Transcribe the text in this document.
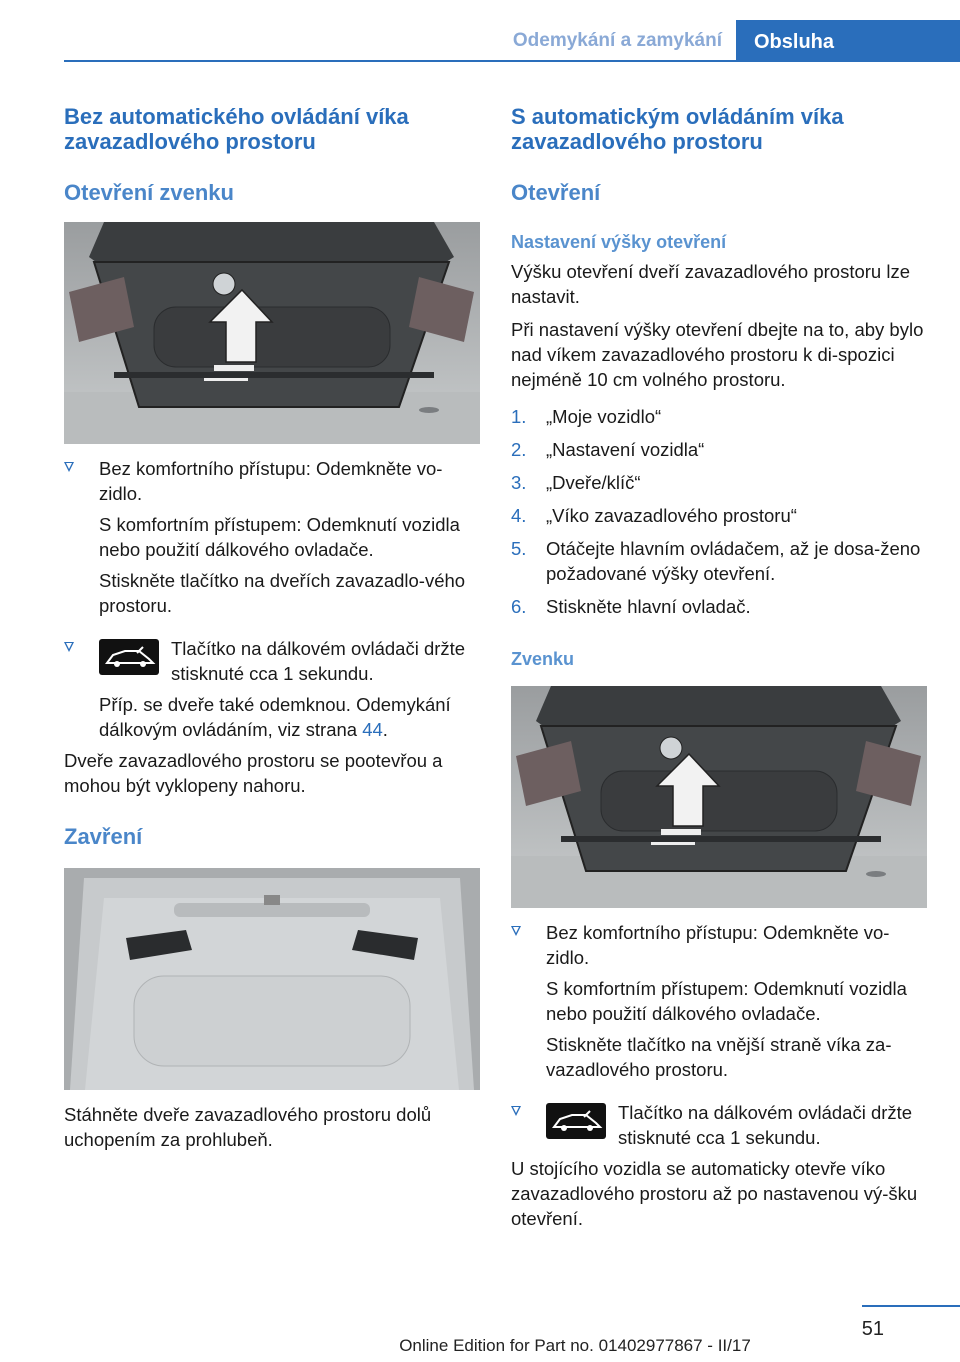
Odemykání a zamykání	Obsluha
Bez automatického ovládání víka zavazadlového prostoru
Otevření zvenku
Bez komfortního přístupu: Odemkněte vo- zidlo.
S komfortním přístupem: Odemknutí vozidla nebo použití dálkového ovladače.
Stiskněte tlačítko na dveřích zavazadlo-vého prostoru.
Tlačítko na dálkovém ovládači držte stisknuté cca 1 sekundu.
Příp. se dveře také odemknou. Odemykání dálkovým ovládáním, viz strana 44.

Dveře zavazadlového prostoru se pootevřou a mohou být vyklopeny nahoru.

Zavření

Stáhněte dveře zavazadlového prostoru dolů uchopením za prohlubeň.

S automatickým ovládáním víka zavazadlového prostoru
Otevření
Nastavení výšky otevření

Výšku otevření dveří zavazadlového prostoru lze nastavit.

Při nastavení výšky otevření dbejte na to, aby bylo nad víkem zavazadlového prostoru k di-spozici nejméně 10 cm volného prostoru.

1. „Moje vozidlo“
2. „Nastavení vozidla“
3. „Dveře/klíč“
4. „Víko zavazadlového prostoru“
5. Otáčejte hlavním ovládačem, až je dosa-ženo požadované výšky otevření.
6. Stiskněte hlavní ovladač.
Zvenku
Bez komfortního přístupu: Odemkněte vo-zidlo.
S komfortním přístupem: Odemknutí vozidla nebo použití dálkového ovladače.
Stiskněte tlačítko na vnější straně víka za-vazadlového prostoru.
Tlačítko na dálkovém ovládači držte stisknuté cca 1 sekundu.

U stojícího vozidla se automaticky otevře víko zavazadlového prostoru až po nastavenou vý-šku otevření.

51
Online Edition for Part no. 01402977867 - II/17
